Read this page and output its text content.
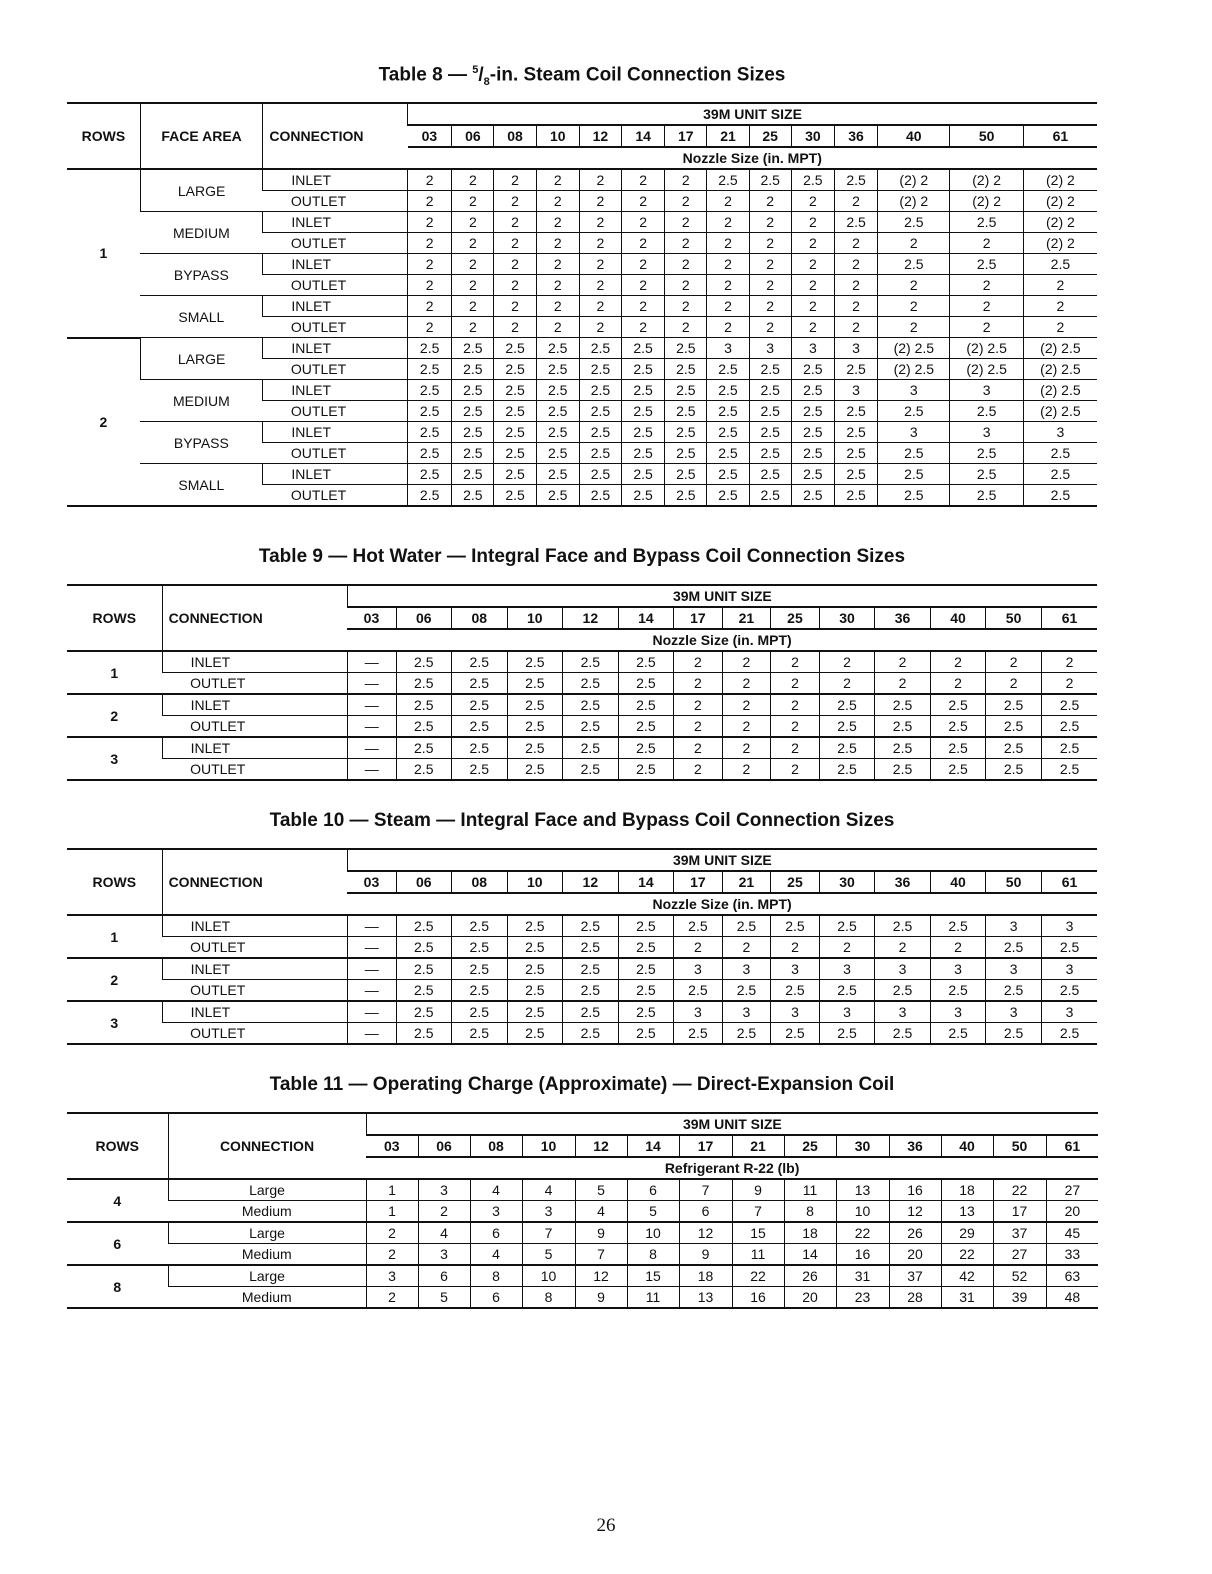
Table 8 — $^5/_8-in$. Steam Coil Connection Sizes
ROWS	FACE AREA	CONNECTION	39M UNIT SIZE													
			03	06	08	10	12	14	17	21	25	30	36	40	50	61
			Nozzle Size (in. MPT)													
1	LARGE	INLET	2	2	2	2	2	2	2	2.5	2.5	2.5	2.5	(2) 2	(2) 2	(2) 2
		OUTLET	2	2	2	2	2	2	2	2	2	2	2	(2) 2	(2) 2	(2) 2
	MEDIUM	INLET	2	2	2	2	2	2	2	2	2	2	2.5	2.5	2.5	(2) 2
		OUTLET	2	2	2	2	2	2	2	2	2	2	2	2	2	(2) 2
	BYPASS	INLET	2	2	2	2	2	2	2	2	2	2	2	2.5	2.5	2.5
		OUTLET	2	2	2	2	2	2	2	2	2	2	2	2	2	2
	SMALL	INLET	2	2	2	2	2	2	2	2	2	2	2	2	2	2
		OUTLET	2	2	2	2	2	2	2	2	2	2	2	2	2	2
2	LARGE	INLET	2.5	2.5	2.5	2.5	2.5	2.5	2.5	3	3	3	3	(2) 2.5	(2) 2.5	(2) 2.5
		OUTLET	2.5	2.5	2.5	2.5	2.5	2.5	2.5	2.5	2.5	2.5	2.5	(2) 2.5	(2) 2.5	(2) 2.5
	MEDIUM	INLET	2.5	2.5	2.5	2.5	2.5	2.5	2.5	2.5	2.5	2.5	3	3	3	(2) 2.5
		OUTLET	2.5	2.5	2.5	2.5	2.5	2.5	2.5	2.5	2.5	2.5	2.5	2.5	2.5	(2) 2.5
	BYPASS	INLET	2.5	2.5	2.5	2.5	2.5	2.5	2.5	2.5	2.5	2.5	2.5	3	3	3
		OUTLET	2.5	2.5	2.5	2.5	2.5	2.5	2.5	2.5	2.5	2.5	2.5	2.5	2.5	2.5
	SMALL	INLET	2.5	2.5	2.5	2.5	2.5	2.5	2.5	2.5	2.5	2.5	2.5	2.5	2.5	2.5
		OUTLET	2.5	2.5	2.5	2.5	2.5	2.5	2.5	2.5	2.5	2.5	2.5	2.5	2.5	2.5
Table 9 — Hot Water — Integral Face and Bypass Coil Connection Sizes
ROWS	CONNECTION	39M UNIT SIZE													
		03	06	08	10	12	14	17	21	25	30	36	40	50	61
		Nozzle Size (in. MPT)													
1	INLET	—	2.5	2.5	2.5	2.5	2.5	2	2	2	2	2	2	2	2
	OUTLET	—	2.5	2.5	2.5	2.5	2.5	2	2	2	2	2	2	2	2
2	INLET	—	2.5	2.5	2.5	2.5	2.5	2	2	2	2.5	2.5	2.5	2.5	2.5
	OUTLET	—	2.5	2.5	2.5	2.5	2.5	2	2	2	2.5	2.5	2.5	2.5	2.5
3	INLET	—	2.5	2.5	2.5	2.5	2.5	2	2	2	2.5	2.5	2.5	2.5	2.5
	OUTLET	—	2.5	2.5	2.5	2.5	2.5	2	2	2	2.5	2.5	2.5	2.5	2.5
Table 10 — Steam — Integral Face and Bypass Coil Connection Sizes
ROWS	CONNECTION	39M UNIT SIZE													
		03	06	08	10	12	14	17	21	25	30	36	40	50	61
		Nozzle Size (in. MPT)													
1	INLET	—	2.5	2.5	2.5	2.5	2.5	2.5	2.5	2.5	2.5	2.5	2.5	3	3
	OUTLET	—	2.5	2.5	2.5	2.5	2.5	2	2	2	2	2	2	2.5	2.5
2	INLET	—	2.5	2.5	2.5	2.5	2.5	3	3	3	3	3	3	3	3
	OUTLET	—	2.5	2.5	2.5	2.5	2.5	2.5	2.5	2.5	2.5	2.5	2.5	2.5	2.5
3	INLET	—	2.5	2.5	2.5	2.5	2.5	3	3	3	3	3	3	3	3
	OUTLET	—	2.5	2.5	2.5	2.5	2.5	2.5	2.5	2.5	2.5	2.5	2.5	2.5	2.5
Table 11 — Operating Charge (Approximate) — Direct-Expansion Coil
ROWS	CONNECTION	39M UNIT SIZE													
		03	06	08	10	12	14	17	21	25	30	36	40	50	61
		Refrigerant R-22 (lb)													
4	Large	1	3	4	4	5	6	7	9	11	13	16	18	22	27
	Medium	1	2	3	3	4	5	6	7	8	10	12	13	17	20
6	Large	2	4	6	7	9	10	12	15	18	22	26	29	37	45
	Medium	2	3	4	5	7	8	9	11	14	16	20	22	27	33
8	Large	3	6	8	10	12	15	18	22	26	31	37	42	52	63
	Medium	2	5	6	8	9	11	13	16	20	23	28	31	39	48
26
